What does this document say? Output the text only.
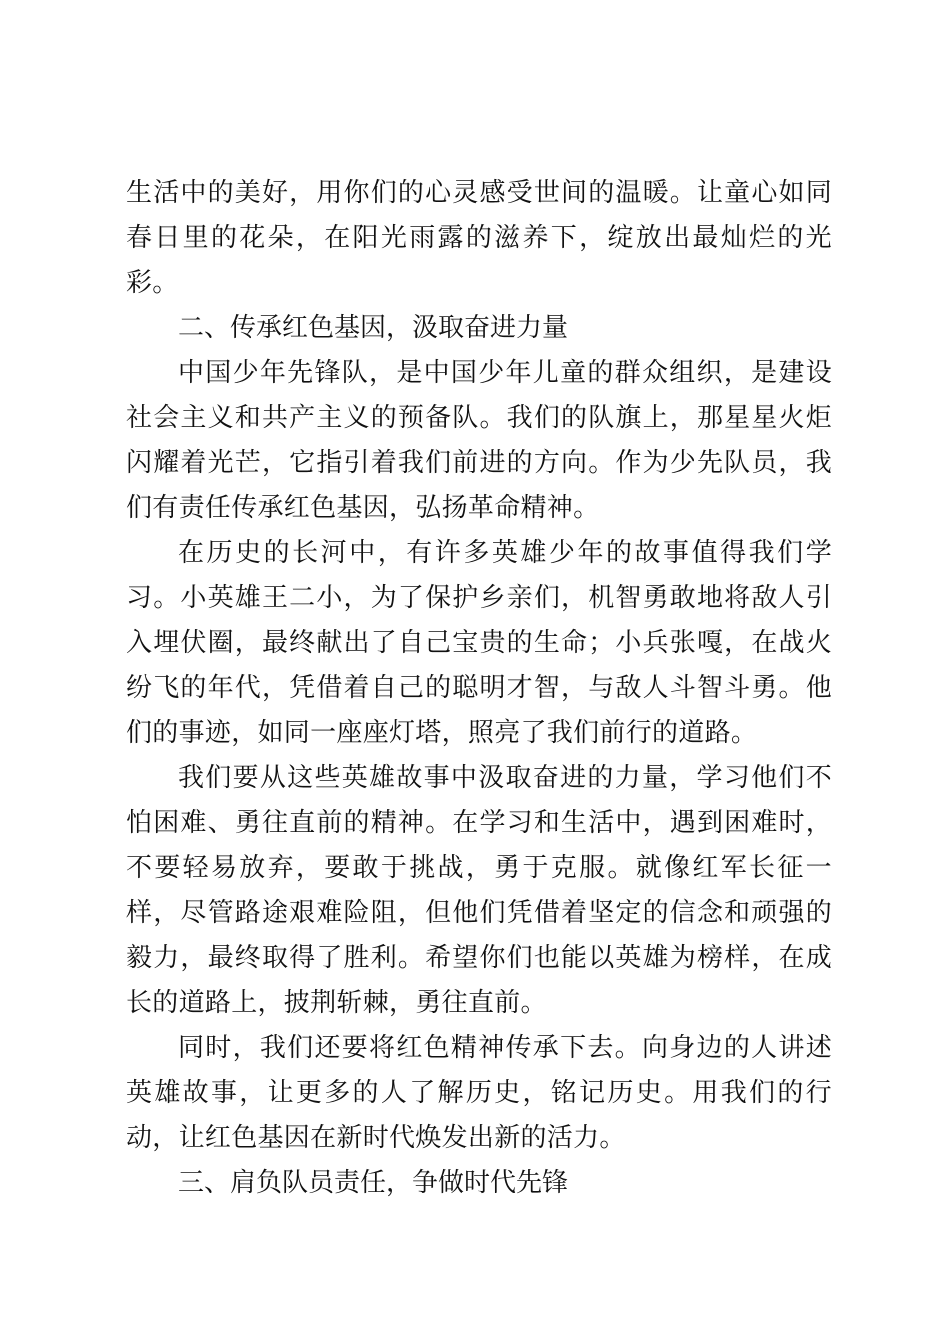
生活中的美好，用你们的心灵感受世间的温暖。让童心如同春日里的花朵，在阳光雨露的滋养下，绽放出最灿烂的光彩。

二、传承红色基因，汲取奋进力量

中国少年先锋队，是中国少年儿童的群众组织，是建设社会主义和共产主义的预备队。我们的队旗上，那星星火炬闪耀着光芒，它指引着我们前进的方向。作为少先队员，我们有责任传承红色基因，弘扬革命精神。

在历史的长河中，有许多英雄少年的故事值得我们学习。小英雄王二小，为了保护乡亲们，机智勇敢地将敌人引入埋伏圈，最终献出了自己宝贵的生命；小兵张嘎，在战火纷飞的年代，凭借着自己的聪明才智，与敌人斗智斗勇。他们的事迹，如同一座座灯塔，照亮了我们前行的道路。

我们要从这些英雄故事中汲取奋进的力量，学习他们不怕困难、勇往直前的精神。在学习和生活中，遇到困难时，不要轻易放弃，要敢于挑战，勇于克服。就像红军长征一样，尽管路途艰难险阻，但他们凭借着坚定的信念和顽强的毅力，最终取得了胜利。希望你们也能以英雄为榜样，在成长的道路上，披荆斩棘，勇往直前。

同时，我们还要将红色精神传承下去。向身边的人讲述英雄故事，让更多的人了解历史，铭记历史。用我们的行动，让红色基因在新时代焕发出新的活力。

三、肩负队员责任，争做时代先锋
